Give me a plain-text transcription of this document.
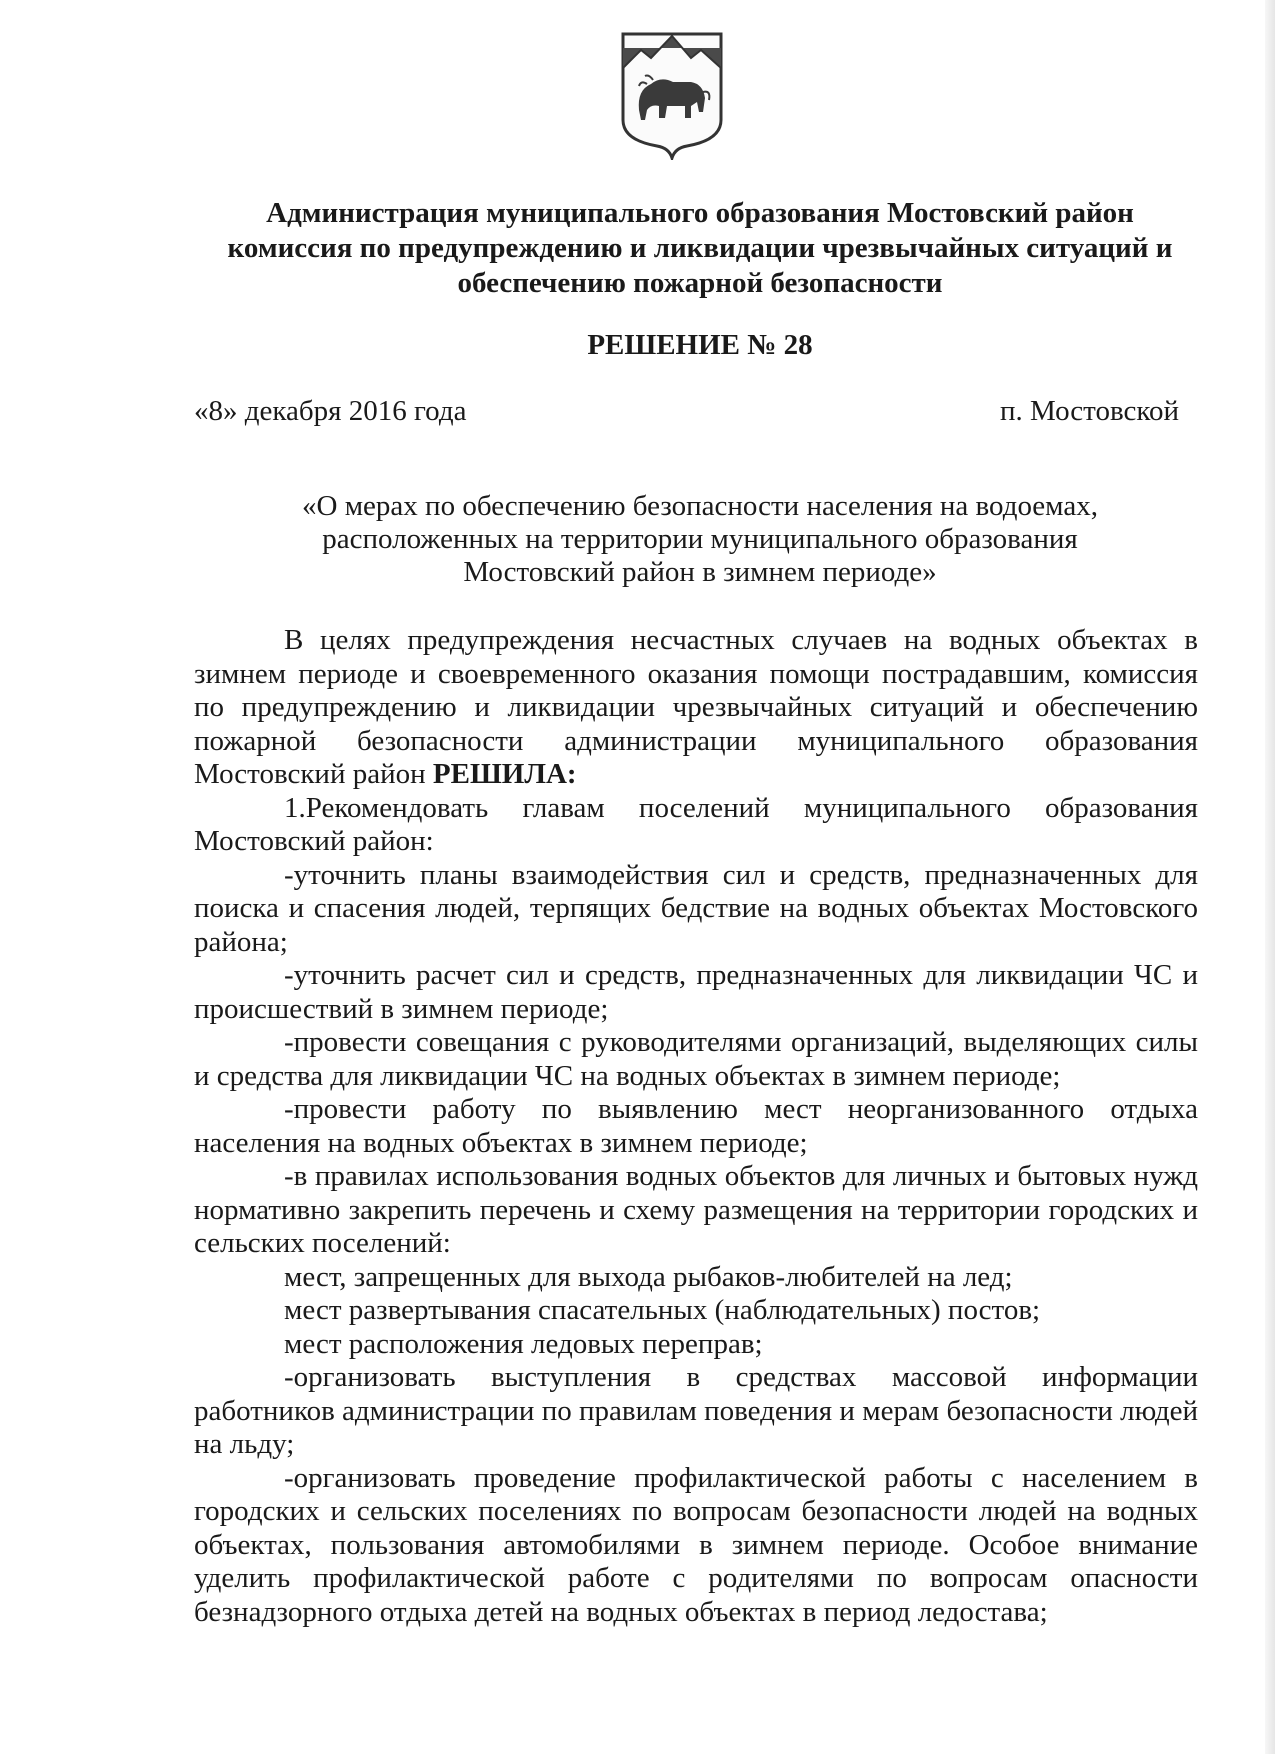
Администрация муниципального образования Мостовский район
комиссия по предупреждению и ликвидации чрезвычайных ситуаций и
обеспечению пожарной безопасности
РЕШЕНИЕ № 28
«8» декабря 2016 года	п. Мостовской
«О мерах по обеспечению безопасности населения на водоемах,
расположенных на территории муниципального образования
Мостовский район в зимнем периоде»

В целях предупреждения несчастных случаев на водных объектах в зимнем периоде и своевременного оказания помощи пострадавшим, комиссия по предупреждению и ликвидации чрезвычайных ситуаций и обеспечению пожарной безопасности администрации муниципального образования Мостовский район РЕШИЛА:

1.Рекомендовать главам поселений муниципального образования Мостовский район:

-уточнить планы взаимодействия сил и средств, предназначенных для поиска и спасения людей, терпящих бедствие на водных объектах Мостовского района;

-уточнить расчет сил и средств, предназначенных для ликвидации ЧС и происшествий в зимнем периоде;

-провести совещания с руководителями организаций, выделяющих силы и средства для ликвидации ЧС на водных объектах в зимнем периоде;

-провести работу по выявлению мест неорганизованного отдыха населения на водных объектах в зимнем периоде;

-в правилах использования водных объектов для личных и бытовых нужд нормативно закрепить перечень и схему размещения на территории городских и сельских поселений:

мест, запрещенных для выхода рыбаков-любителей на лед;

мест развертывания спасательных (наблюдательных) постов;

мест расположения ледовых переправ;

-организовать выступления в средствах массовой информации работников администрации по правилам поведения и мерам безопасности людей на льду;

-организовать проведение профилактической работы с населением в городских и сельских поселениях по вопросам безопасности людей на водных объектах, пользования автомобилями в зимнем периоде. Особое внимание уделить профилактической работе с родителями по вопросам опасности безнадзорного отдыха детей на водных объектах в период ледостава;
